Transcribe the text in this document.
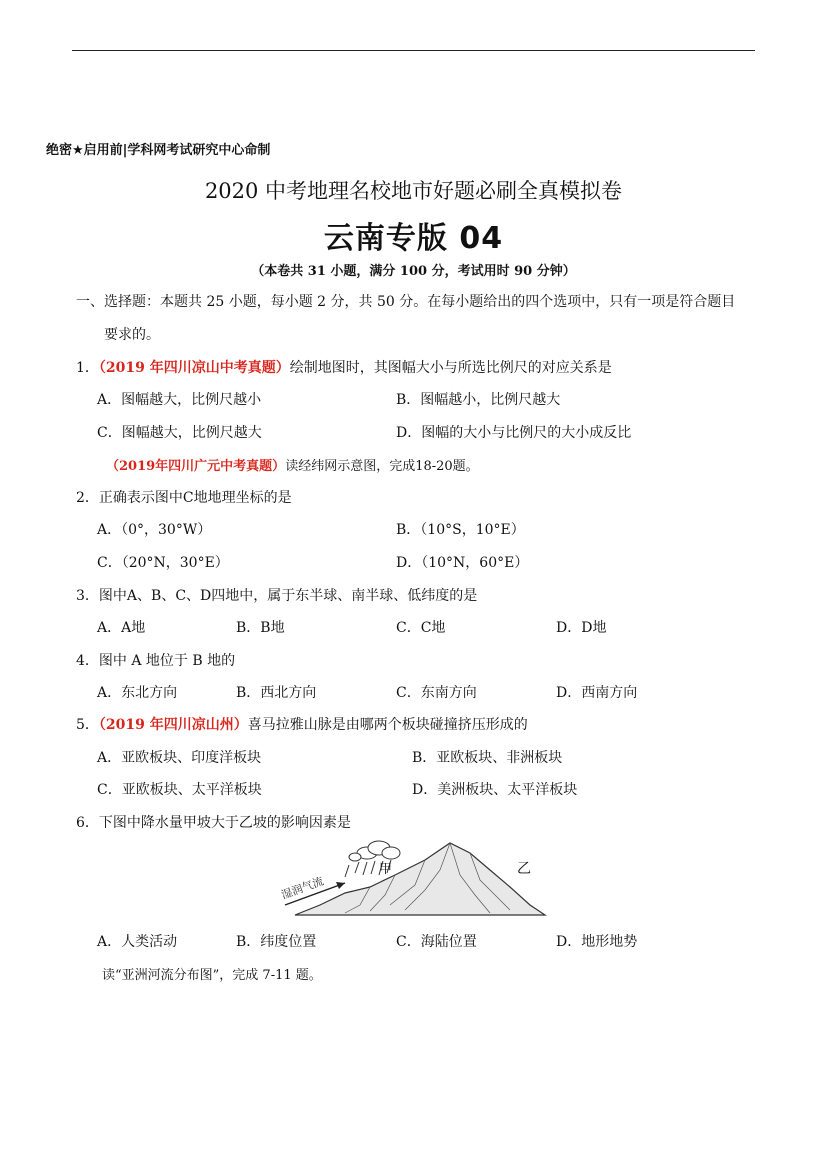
绝密★启用前|学科网考试研究中心命制
2020 中考地理名校地市好题必刷全真模拟卷
云南专版 04
（本卷共 31 小题，满分 100 分，考试用时 90 分钟）
一、选择题：本题共 25 小题，每小题 2 分，共 50 分。在每小题给出的四个选项中，只有一项是符合题目
要求的。
1．（2019 年四川凉山中考真题）绘制地图时，其图幅大小与所选比例尺的对应关系是
A．图幅越大，比例尺越小	B．图幅越小，比例尺越大
C．图幅越大，比例尺越大	D．图幅的大小与比例尺的大小成反比
（2019年四川广元中考真题）读经纬网示意图，完成18-20题。
2．正确表示图中C地地理坐标的是
A．（0°，30°W）	B．（10°S，10°E）
C．（20°N，30°E）	D．（10°N，60°E）
3．图中A、B、C、D四地中，属于东半球、南半球、低纬度的是
A．A地	B．B地	C．C地	D．D地
4．图中 A 地位于 B 地的
A．东北方向	B．西北方向	C．东南方向	D．西南方向
5．（2019 年四川凉山州）喜马拉雅山脉是由哪两个板块碰撞挤压形成的
A．亚欧板块、印度洋板块	B．亚欧板块、非洲板块
C．亚欧板块、太平洋板块	D．美洲板块、太平洋板块
6．下图中降水量甲坡大于乙坡的影响因素是
湿润气流
甲	乙
A．人类活动	B．纬度位置	C．海陆位置	D．地形地势
读“亚洲河流分布图”，完成 7-11 题。
